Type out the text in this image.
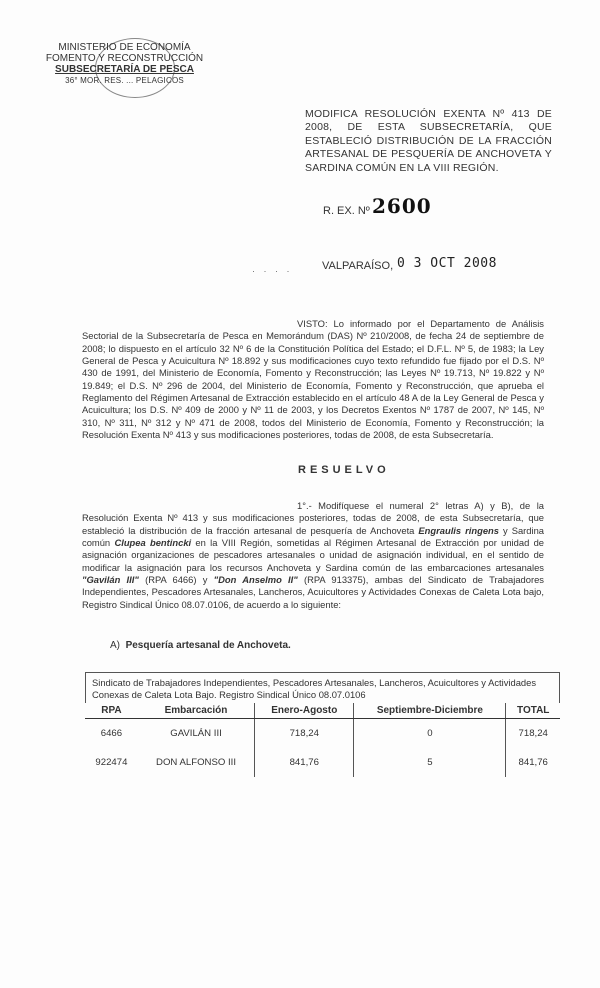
MINISTERIO DE ECONOMÍA
FOMENTO Y RECONSTRUCCIÓN
SUBSECRETARÍA DE PESCA
36° MOR. RES. ... PELAGICOS
MODIFICA RESOLUCIÓN EXENTA Nº 413 DE 2008, DE ESTA SUBSECRETARÍA, QUE ESTABLECIÓ DISTRIBUCIÓN DE LA FRACCIÓN ARTESANAL DE PESQUERÍA DE ANCHOVETA Y SARDINA COMÚN EN LA VIII REGIÓN.
R. EX. Nº 2600
· · · ·	VALPARAÍSO, 0 3 OCT 2008
VISTO: Lo informado por el Departamento de Análisis Sectorial de la Subsecretaría de Pesca en Memorándum (DAS) Nº 210/2008, de fecha 24 de septiembre de 2008; lo dispuesto en el artículo 32 Nº 6 de la Constitución Política del Estado; el D.F.L. Nº 5, de 1983; la Ley General de Pesca y Acuicultura Nº 18.892 y sus modificaciones cuyo texto refundido fue fijado por el D.S. Nº 430 de 1991, del Ministerio de Economía, Fomento y Reconstrucción; las Leyes Nº 19.713, Nº 19.822 y Nº 19.849; el D.S. Nº 296 de 2004, del Ministerio de Economía, Fomento y Reconstrucción, que aprueba el Reglamento del Régimen Artesanal de Extracción establecido en el artículo 48 A de la Ley General de Pesca y Acuicultura; los D.S. Nº 409 de 2000 y Nº 11 de 2003, y los Decretos Exentos Nº 1787 de 2007, Nº 145, Nº 310, Nº 311, Nº 312 y Nº 471 de 2008, todos del Ministerio de Economía, Fomento y Reconstrucción; la Resolución Exenta Nº 413 y sus modificaciones posteriores, todas de 2008, de esta Subsecretaría.
RESUELVO
1°.- Modifíquese el numeral 2° letras A) y B), de la Resolución Exenta Nº 413 y sus modificaciones posteriores, todas de 2008, de esta Subsecretaría, que estableció la distribución de la fracción artesanal de pesquería de Anchoveta Engraulis ringens y Sardina común Clupea bentincki en la VIII Región, sometidas al Régimen Artesanal de Extracción por unidad de asignación organizaciones de pescadores artesanales o unidad de asignación individual, en el sentido de modificar la asignación para los recursos Anchoveta y Sardina común de las embarcaciones artesanales "Gavilán III" (RPA 6466) y "Don Anselmo II" (RPA 913375), ambas del Sindicato de Trabajadores Independientes, Pescadores Artesanales, Lancheros, Acuicultores y Actividades Conexas de Caleta Lota bajo, Registro Sindical Único 08.07.0106, de acuerdo a lo siguiente:
A) Pesquería artesanal de Anchoveta.
Sindicato de Trabajadores Independientes, Pescadores Artesanales, Lancheros, Acuicultores y Actividades Conexas de Caleta Lota Bajo. Registro Sindical Único 08.07.0106
RPA	Embarcación	Enero-Agosto	Septiembre-Diciembre	TOTAL
6466	GAVILÁN III	718,24	0	718,24
922474	DON ALFONSO III	841,76	5	841,76
